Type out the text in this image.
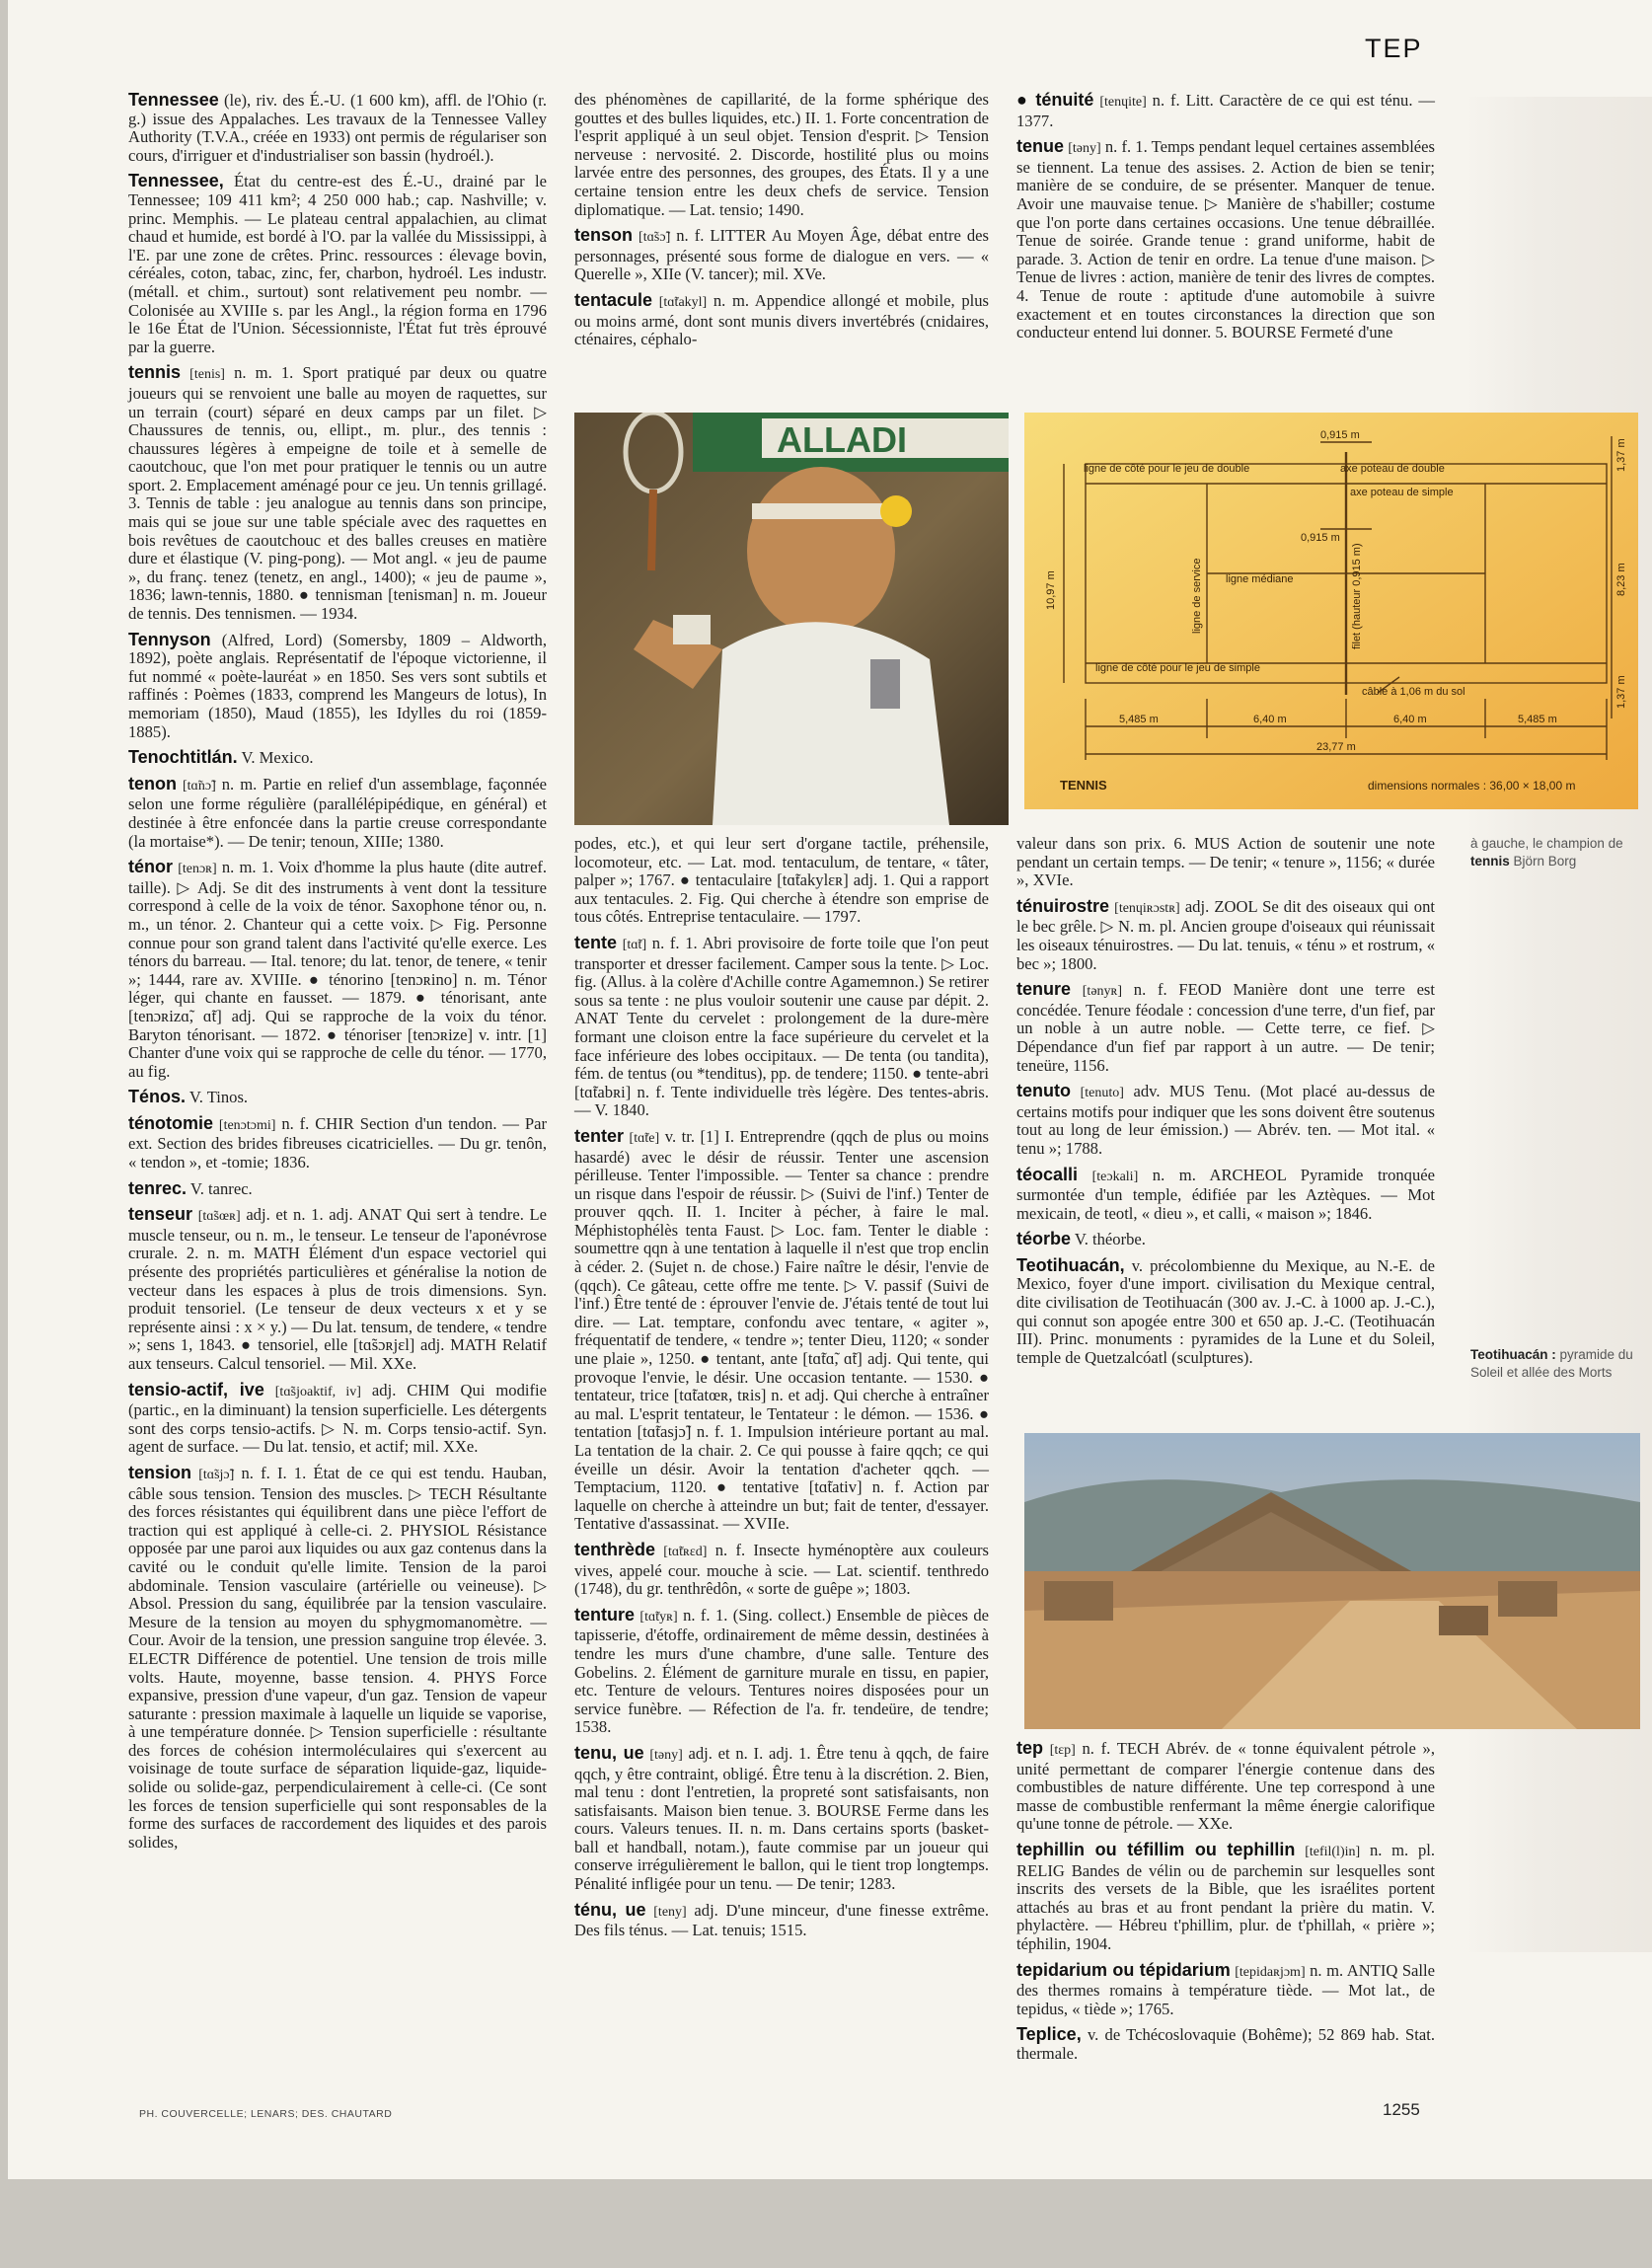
TEP

Tennessee (le), riv. des É.-U. (1 600 km), affl. de l'Ohio (r. g.) issue des Appalaches. Les travaux de la Tennessee Valley Authority (T.V.A., créée en 1933) ont permis de régulariser son cours, d'irriguer et d'industrialiser son bassin (hydroél.).

Tennessee, État du centre-est des É.-U., drainé par le Tennessee; 109 411 km²; 4 250 000 hab.; cap. Nashville; v. princ. Memphis. — Le plateau central appalachien, au climat chaud et humide, est bordé à l'O. par la vallée du Mississippi, à l'E. par une zone de crêtes. Princ. ressources : élevage bovin, céréales, coton, tabac, zinc, fer, charbon, hydroél. Les industr. (métall. et chim., surtout) sont relativement peu nombr. — Colonisée au XVIIIe s. par les Angl., la région forma en 1796 le 16e État de l'Union. Sécessionniste, l'État fut très éprouvé par la guerre.

tennis [tenis] n. m. 1. Sport pratiqué par deux ou quatre joueurs qui se renvoient une balle au moyen de raquettes, sur un terrain (court) séparé en deux camps par un filet. ▷ Chaussures de tennis, ou, ellipt., m. plur., des tennis : chaussures légères à empeigne de toile et à semelle de caoutchouc, que l'on met pour pratiquer le tennis ou un autre sport. 2. Emplacement aménagé pour ce jeu. Un tennis grillagé. 3. Tennis de table : jeu analogue au tennis dans son principe, mais qui se joue sur une table spéciale avec des raquettes en bois revêtues de caoutchouc et des balles creuses en matière dure et élastique (V. ping-pong). — Mot angl. « jeu de paume », du franç. tenez (tenetz, en angl., 1400); « jeu de paume », 1836; lawn-tennis, 1880. ● tennisman [tenisman] n. m. Joueur de tennis. Des tennismen. — 1934.

Tennyson (Alfred, Lord) (Somersby, 1809 – Aldworth, 1892), poète anglais. Représentatif de l'époque victorienne, il fut nommé « poète-lauréat » en 1850. Ses vers sont subtils et raffinés : Poèmes (1833, comprend les Mangeurs de lotus), In memoriam (1850), Maud (1855), les Idylles du roi (1859-1885).

Tenochtitlán. V. Mexico.

tenon [tɑ̃nɔ̃] n. m. Partie en relief d'un assemblage, façonnée selon une forme régulière (parallélépipédique, en général) et destinée à être enfoncée dans la partie creuse correspondante (la mortaise*). — De tenir; tenoun, XIIIe; 1380.

ténor [tenɔʀ] n. m. 1. Voix d'homme la plus haute (dite autref. taille). ▷ Adj. Se dit des instruments à vent dont la tessiture correspond à celle de la voix de ténor. Saxophone ténor ou, n. m., un ténor. 2. Chanteur qui a cette voix. ▷ Fig. Personne connue pour son grand talent dans l'activité qu'elle exerce. Les ténors du barreau. — Ital. tenore; du lat. tenor, de tenere, « tenir »; 1444, rare av. XVIIIe. ● ténorino [tenɔʀino] n. m. Ténor léger, qui chante en fausset. — 1879. ● ténorisant, ante [tenɔʀizɑ̃, ɑ̃t] adj. Qui se rapproche de la voix du ténor. Baryton ténorisant. — 1872. ● ténoriser [tenɔʀize] v. intr. [1] Chanter d'une voix qui se rapproche de celle du ténor. — 1770, au fig.

Ténos. V. Tinos.

ténotomie [tenɔtɔmi] n. f. CHIR Section d'un tendon. — Par ext. Section des brides fibreuses cicatricielles. — Du gr. tenôn, « tendon », et -tomie; 1836.

tenrec. V. tanrec.

tenseur [tɑ̃sœʀ] adj. et n. 1. adj. ANAT Qui sert à tendre. Le muscle tenseur, ou n. m., le tenseur. Le tenseur de l'aponévrose crurale. 2. n. m. MATH Élément d'un espace vectoriel qui présente des propriétés particulières et généralise la notion de vecteur dans les espaces à plus de trois dimensions. Syn. produit tensoriel. (Le tenseur de deux vecteurs x et y se représente ainsi : x × y.) — Du lat. tensum, de tendere, « tendre »; sens 1, 1843. ● tensoriel, elle [tɑ̃sɔʀjɛl] adj. MATH Relatif aux tenseurs. Calcul tensoriel. — Mil. XXe.

tensio-actif, ive [tɑ̃sjoaktif, iv] adj. CHIM Qui modifie (partic., en la diminuant) la tension superficielle. Les détergents sont des corps tensio-actifs. ▷ N. m. Corps tensio-actif. Syn. agent de surface. — Du lat. tensio, et actif; mil. XXe.

tension [tɑ̃sjɔ̃] n. f. I. 1. État de ce qui est tendu. Hauban, câble sous tension. Tension des muscles. ▷ TECH Résultante des forces résistantes qui équilibrent dans une pièce l'effort de traction qui est appliqué à celle-ci. 2. PHYSIOL Résistance opposée par une paroi aux liquides ou aux gaz contenus dans la cavité ou le conduit qu'elle limite. Tension de la paroi abdominale. Tension vasculaire (artérielle ou veineuse). ▷ Absol. Pression du sang, équilibrée par la tension vasculaire. Mesure de la tension au moyen du sphygmomanomètre. — Cour. Avoir de la tension, une pression sanguine trop élevée. 3. ELECTR Différence de potentiel. Une tension de trois mille volts. Haute, moyenne, basse tension. 4. PHYS Force expansive, pression d'une vapeur, d'un gaz. Tension de vapeur saturante : pression maximale à laquelle un liquide se vaporise, à une température donnée. ▷ Tension superficielle : résultante des forces de cohésion intermoléculaires qui s'exercent au voisinage de toute surface de séparation liquide-gaz, liquide-solide ou solide-gaz, perpendiculairement à celle-ci. (Ce sont les forces de tension superficielle qui sont responsables de la forme des surfaces de raccordement des liquides et des parois solides,

des phénomènes de capillarité, de la forme sphérique des gouttes et des bulles liquides, etc.) II. 1. Forte concentration de l'esprit appliqué à un seul objet. Tension d'esprit. ▷ Tension nerveuse : nervosité. 2. Discorde, hostilité plus ou moins larvée entre des personnes, des groupes, des États. Il y a une certaine tension entre les deux chefs de service. Tension diplomatique. — Lat. tensio; 1490.

tenson [tɑ̃sɔ̃] n. f. LITTER Au Moyen Âge, débat entre des personnages, présenté sous forme de dialogue en vers. — « Querelle », XIIe (V. tancer); mil. XVe.

tentacule [tɑ̃takyl] n. m. Appendice allongé et mobile, plus ou moins armé, dont sont munis divers invertébrés (cnidaires, cténaires, céphalo-

podes, etc.), et qui leur sert d'organe tactile, préhensile, locomoteur, etc. — Lat. mod. tentaculum, de tentare, « tâter, palper »; 1767. ● tentaculaire [tɑ̃takylɛʀ] adj. 1. Qui a rapport aux tentacules. 2. Fig. Qui cherche à étendre son emprise de tous côtés. Entreprise tentaculaire. — 1797.

tente [tɑ̃t] n. f. 1. Abri provisoire de forte toile que l'on peut transporter et dresser facilement. Camper sous la tente. ▷ Loc. fig. (Allus. à la colère d'Achille contre Agamemnon.) Se retirer sous sa tente : ne plus vouloir soutenir une cause par dépit. 2. ANAT Tente du cervelet : prolongement de la dure-mère formant une cloison entre la face supérieure du cervelet et la face inférieure des lobes occipitaux. — De tenta (ou tandita), fém. de tentus (ou *tenditus), pp. de tendere; 1150. ● tente-abri [tɑ̃tabʀi] n. f. Tente individuelle très légère. Des tentes-abris. — V. 1840.

tenter [tɑ̃te] v. tr. [1] I. Entreprendre (qqch de plus ou moins hasardé) avec le désir de réussir. Tenter une ascension périlleuse. Tenter l'impossible. — Tenter sa chance : prendre un risque dans l'espoir de réussir. ▷ (Suivi de l'inf.) Tenter de prouver qqch. II. 1. Inciter à pécher, à faire le mal. Méphistophélès tenta Faust. ▷ Loc. fam. Tenter le diable : soumettre qqn à une tentation à laquelle il n'est que trop enclin à céder. 2. (Sujet n. de chose.) Faire naître le désir, l'envie de (qqch). Ce gâteau, cette offre me tente. ▷ V. passif (Suivi de l'inf.) Être tenté de : éprouver l'envie de. J'étais tenté de tout lui dire. — Lat. temptare, confondu avec tentare, « agiter », fréquentatif de tendere, « tendre »; tenter Dieu, 1120; « sonder une plaie », 1250. ● tentant, ante [tɑ̃tɑ̃, ɑ̃t] adj. Qui tente, qui provoque l'envie, le désir. Une occasion tentante. — 1530. ● tentateur, trice [tɑ̃tatœʀ, tʀis] n. et adj. Qui cherche à entraîner au mal. L'esprit tentateur, le Tentateur : le démon. — 1536. ● tentation [tɑ̃tasjɔ̃] n. f. 1. Impulsion intérieure portant au mal. La tentation de la chair. 2. Ce qui pousse à faire qqch; ce qui éveille un désir. Avoir la tentation d'acheter qqch. — Temptacium, 1120. ● tentative [tɑ̃tativ] n. f. Action par laquelle on cherche à atteindre un but; fait de tenter, d'essayer. Tentative d'assassinat. — XVIIe.

tenthrède [tɑ̃tʀɛd] n. f. Insecte hyménoptère aux couleurs vives, appelé cour. mouche à scie. — Lat. scientif. tenthredo (1748), du gr. tenthrêdôn, « sorte de guêpe »; 1803.

tenture [tɑ̃tyʀ] n. f. 1. (Sing. collect.) Ensemble de pièces de tapisserie, d'étoffe, ordinairement de même dessin, destinées à tendre les murs d'une chambre, d'une salle. Tenture des Gobelins. 2. Élément de garniture murale en tissu, en papier, etc. Tenture de velours. Tentures noires disposées pour un service funèbre. — Réfection de l'a. fr. tendeüre, de tendre; 1538.

tenu, ue [təny] adj. et n. I. adj. 1. Être tenu à qqch, de faire qqch, y être contraint, obligé. Être tenu à la discrétion. 2. Bien, mal tenu : dont l'entretien, la propreté sont satisfaisants, non satisfaisants. Maison bien tenue. 3. BOURSE Ferme dans les cours. Valeurs tenues. II. n. m. Dans certains sports (basket-ball et handball, notam.), faute commise par un joueur qui conserve irrégulièrement le ballon, qui le tient trop longtemps. Pénalité infligée pour un tenu. — De tenir; 1283.

ténu, ue [teny] adj. D'une minceur, d'une finesse extrême. Des fils ténus. — Lat. tenuis; 1515.

● ténuité [tenɥite] n. f. Litt. Caractère de ce qui est ténu. — 1377.

tenue [təny] n. f. 1. Temps pendant lequel certaines assemblées se tiennent. La tenue des assises. 2. Action de bien se tenir; manière de se conduire, de se présenter. Manquer de tenue. Avoir une mauvaise tenue. ▷ Manière de s'habiller; costume que l'on porte dans certaines occasions. Une tenue débraillée. Tenue de soirée. Grande tenue : grand uniforme, habit de parade. 3. Action de tenir en ordre. La tenue d'une maison. ▷ Tenue de livres : action, manière de tenir des livres de comptes. 4. Tenue de route : aptitude d'une automobile à suivre exactement et en toutes circonstances la direction que son conducteur entend lui donner. 5. BOURSE Fermeté d'une

valeur dans son prix. 6. MUS Action de soutenir une note pendant un certain temps. — De tenir; « tenure », 1156; « durée », XVIe.

ténuirostre [tenɥiʀɔstʀ] adj. ZOOL Se dit des oiseaux qui ont le bec grêle. ▷ N. m. pl. Ancien groupe d'oiseaux qui réunissait les oiseaux ténuirostres. — Du lat. tenuis, « ténu » et rostrum, « bec »; 1800.

tenure [tənyʀ] n. f. FEOD Manière dont une terre est concédée. Tenure féodale : concession d'une terre, d'un fief, par un noble à un autre noble. — Cette terre, ce fief. ▷ Dépendance d'un fief par rapport à un autre. — De tenir; teneüre, 1156.

tenuto [tenuto] adv. MUS Tenu. (Mot placé au-dessus de certains motifs pour indiquer que les sons doivent être soutenus tout au long de leur émission.) — Abrév. ten. — Mot ital. « tenu »; 1788.

téocalli [teɔkali] n. m. ARCHEOL Pyramide tronquée surmontée d'un temple, édifiée par les Aztèques. — Mot mexicain, de teotl, « dieu », et calli, « maison »; 1846.

téorbe V. théorbe.

Teotihuacán, v. précolombienne du Mexique, au N.-E. de Mexico, foyer d'une import. civilisation du Mexique central, dite civilisation de Teotihuacán (300 av. J.-C. à 1000 ap. J.-C.), qui connut son apogée entre 300 et 650 ap. J.-C. (Teotihuacán III). Princ. monuments : pyramides de la Lune et du Soleil, temple de Quetzalcóatl (sculptures).

tep [tɛp] n. f. TECH Abrév. de « tonne équivalent pétrole », unité permettant de comparer l'énergie contenue dans des combustibles de nature différente. Une tep correspond à une masse de combustible renfermant la même énergie calorifique qu'une tonne de pétrole. — XXe.

tephillin ou téfillim ou tephillin [tefil(l)in] n. m. pl. RELIG Bandes de vélin ou de parchemin sur lesquelles sont inscrits des versets de la Bible, que les israélites portent attachés au bras et au front pendant la prière du matin. V. phylactère. — Hébreu t'phillim, plur. de t'phillah, « prière »; téphilin, 1904.

tepidarium ou tépidarium [tepidaʀjɔm] n. m. ANTIQ Salle des thermes romains à température tiède. — Mot lat., de tepidus, « tiède »; 1765.

Teplice, v. de Tchécoslovaquie (Bohême); 52 869 hab. Stat. thermale.

ALLADI
ligne de côté pour le jeu de double	axe poteau de double
axe poteau de simple
ligne médiane
ligne de côté pour le jeu de simple
câble à 1,06 m du sol
0,915 m
0,915 m
5,485 m	6,40 m	6,40 m	5,485 m
23,77 m
10,97 m	8,23 m
1,37 m
1,37 m
ligne de service	filet (hauteur 0,915 m)
TENNIS	dimensions normales : 36,00 × 18,00 m
à gauche, le champion de tennis Björn Borg
Teotihuacán : pyramide du Soleil et allée des Morts
PH. COUVERCELLE; LENARS; DES. CHAUTARD	1255
